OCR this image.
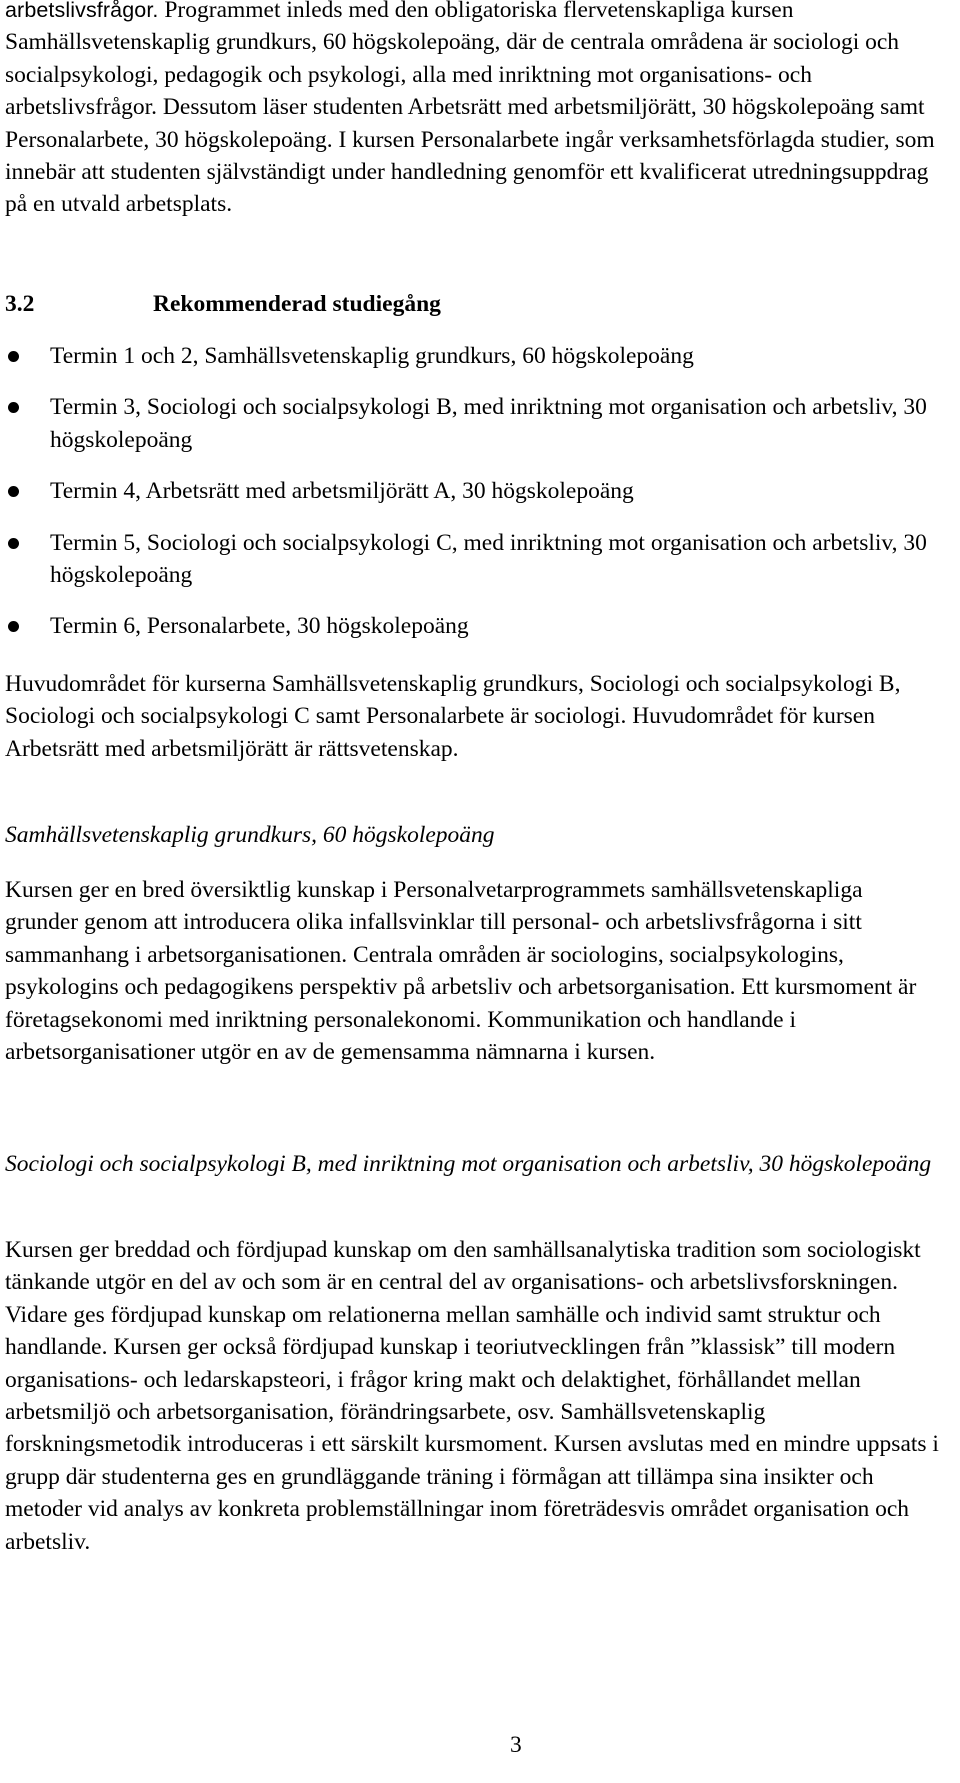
arbetslivsfrågor. Programmet inleds med den obligatoriska flervetenskapliga kursen Samhällsvetenskaplig grundkurs, 60 högskolepoäng, där de centrala områdena är sociologi och socialpsykologi, pedagogik och psykologi, alla med inriktning mot organisations- och arbetslivsfrågor. Dessutom läser studenten Arbetsrätt med arbetsmiljörätt, 30 högskolepoäng samt Personalarbete, 30 högskolepoäng. I kursen Personalarbete ingår verksamhetsförlagda studier, som innebär att studenten självständigt under handledning genomför ett kvalificerat utredningsuppdrag på en utvald arbetsplats.

3.2	Rekommenderad studiegång
Termin 1 och 2, Samhällsvetenskaplig grundkurs, 60 högskolepoäng
Termin 3, Sociologi och socialpsykologi B, med inriktning mot organisation och arbetsliv, 30 högskolepoäng
Termin 4, Arbetsrätt med arbetsmiljörätt A, 30 högskolepoäng
Termin 5, Sociologi och socialpsykologi C, med inriktning mot organisation och arbetsliv, 30 högskolepoäng
Termin 6, Personalarbete, 30 högskolepoäng

Huvudområdet för kurserna Samhällsvetenskaplig grundkurs, Sociologi och socialpsykologi B, Sociologi och socialpsykologi C samt Personalarbete är sociologi. Huvudområdet för kursen Arbetsrätt med arbetsmiljörätt är rättsvetenskap.

Samhällsvetenskaplig grundkurs, 60 högskolepoäng

Kursen ger en bred översiktlig kunskap i Personalvetarprogrammets samhällsvetenskapliga grunder genom att introducera olika infallsvinklar till personal- och arbetslivsfrågorna i sitt sammanhang i arbetsorganisationen. Centrala områden är sociologins, socialpsykologins, psykologins och pedagogikens perspektiv på arbetsliv och arbetsorganisation. Ett kursmoment är företagsekonomi med inriktning personalekonomi. Kommunikation och handlande i arbetsorganisationer utgör en av de gemensamma nämnarna i kursen.

Sociologi och socialpsykologi B, med inriktning mot organisation och arbetsliv, 30 högskolepoäng

Kursen ger breddad och fördjupad kunskap om den samhällsanalytiska tradition som sociologiskt tänkande utgör en del av och som är en central del av organisations- och arbetslivsforskningen. Vidare ges fördjupad kunskap om relationerna mellan samhälle och individ samt struktur och handlande. Kursen ger också fördjupad kunskap i teoriutvecklingen från ”klassisk” till modern organisations- och ledarskapsteori, i frågor kring makt och delaktighet, förhållandet mellan arbetsmiljö och arbetsorganisation, förändringsarbete, osv. Samhällsvetenskaplig forskningsmetodik introduceras i ett särskilt kursmoment. Kursen avslutas med en mindre uppsats i grupp där studenterna ges en grundläggande träning i förmågan att tillämpa sina insikter och metoder vid analys av konkreta problemställningar inom företrädesvis området organisation och arbetsliv.

3
